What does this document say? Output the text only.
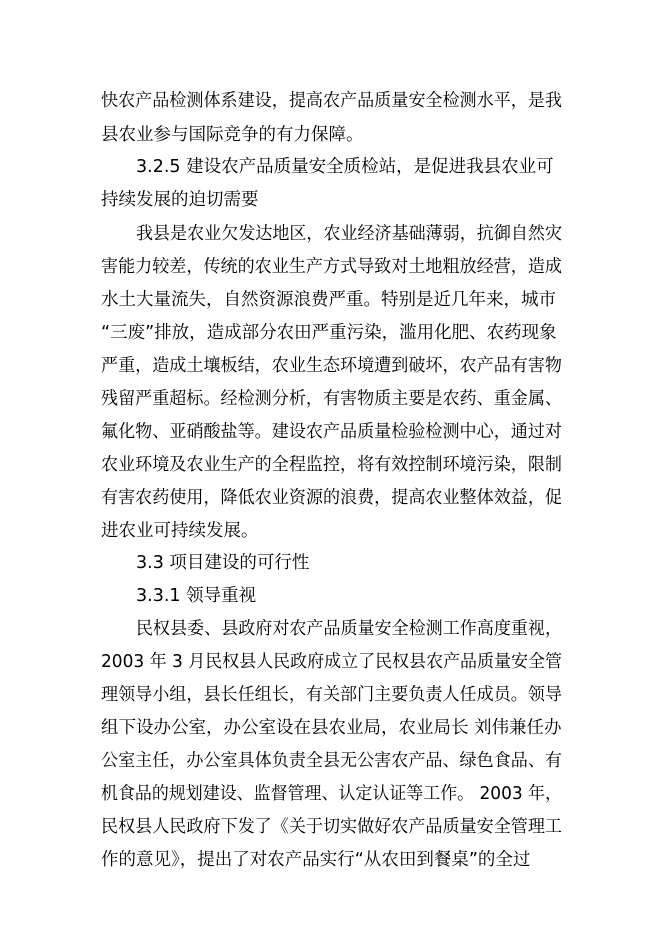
快农产品检测体系建设，提高农产品质量安全检测水平，是我
县农业参与国际竞争的有力保障。
3.2.5 建设农产品质量安全质检站，是促进我县农业可
持续发展的迫切需要
我县是农业欠发达地区，农业经济基础薄弱，抗御自然灾
害能力较差，传统的农业生产方式导致对土地粗放经营，造成
水土大量流失，自然资源浪费严重。特别是近几年来，城市
“三废”排放，造成部分农田严重污染，滥用化肥、农药现象
严重，造成土壤板结，农业生态环境遭到破坏，农产品有害物
残留严重超标。经检测分析，有害物质主要是农药、重金属、
氟化物、亚硝酸盐等。建设农产品质量检验检测中心，通过对
农业环境及农业生产的全程监控，将有效控制环境污染，限制
有害农药使用，降低农业资源的浪费，提高农业整体效益，促
进农业可持续发展。
3.3 项目建设的可行性
3.3.1 领导重视
民权县委、县政府对农产品质量安全检测工作高度重视，
2003 年 3 月民权县人民政府成立了民权县农产品质量安全管
理领导小组，县长任组长，有关部门主要负责人任成员。领导
组下设办公室，办公室设在县农业局，农业局长 刘伟兼任办
公室主任，办公室具体负责全县无公害农产品、绿色食品、有
机食品的规划建设、监督管理、认定认证等工作。 2003 年，
民权县人民政府下发了《关于切实做好农产品质量安全管理工
作的意见》，提出了对农产品实行“从农田到餐桌”的全过
